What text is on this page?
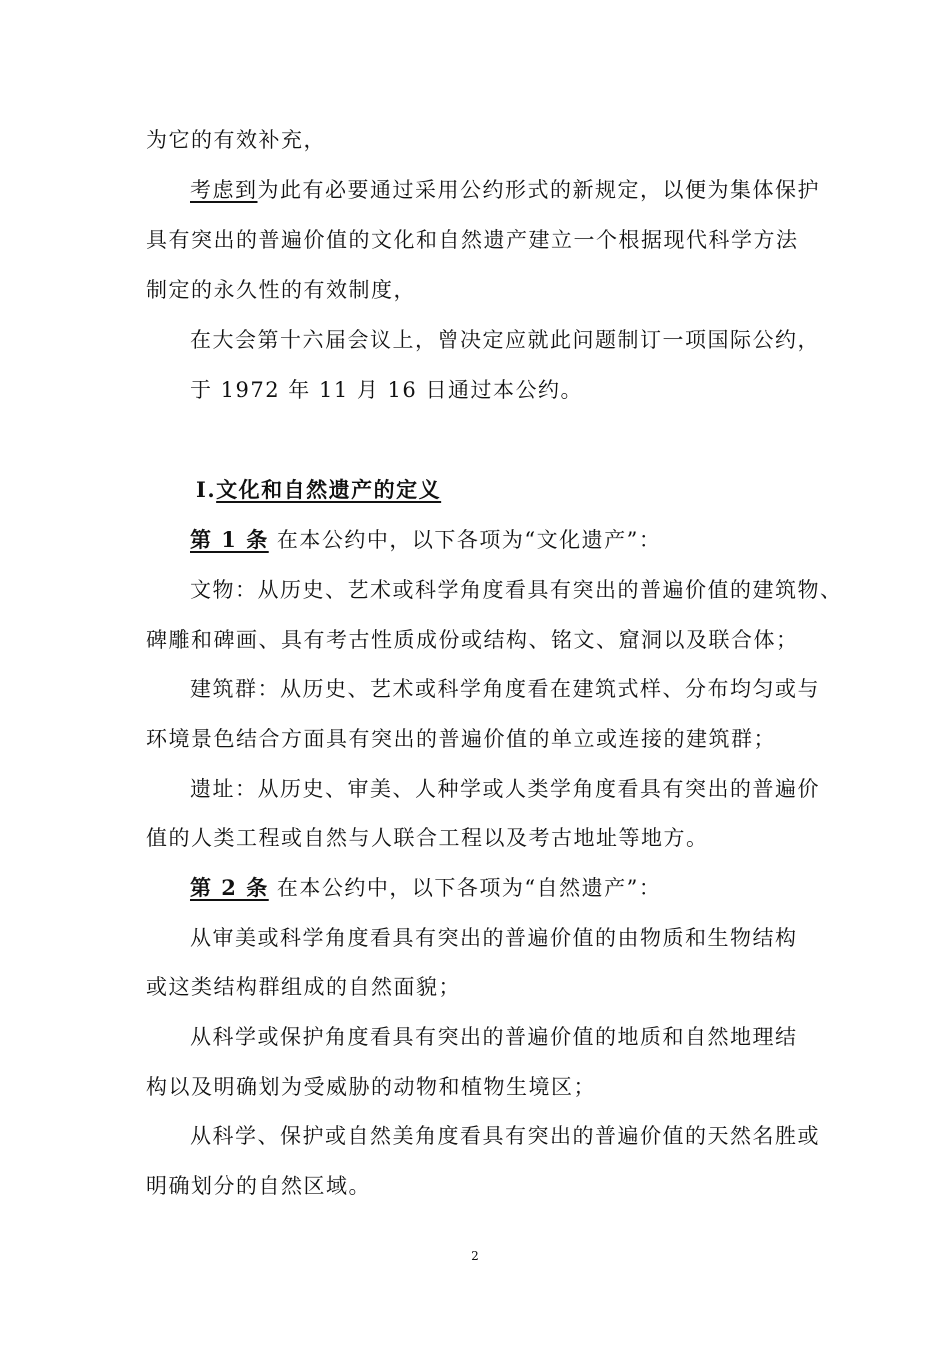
为它的有效补充，
考虑到为此有必要通过采用公约形式的新规定，以便为集体保护
具有突出的普遍价值的文化和自然遗产建立一个根据现代科学方法
制定的永久性的有效制度，
在大会第十六届会议上，曾决定应就此问题制订一项国际公约，
于 1972 年 11 月 16 日通过本公约。
Ⅰ.文化和自然遗产的定义
第 1 条 在本公约中，以下各项为“文化遗产”：
文物：从历史、艺术或科学角度看具有突出的普遍价值的建筑物、
碑雕和碑画、具有考古性质成份或结构、铭文、窟洞以及联合体；
建筑群：从历史、艺术或科学角度看在建筑式样、分布均匀或与
环境景色结合方面具有突出的普遍价值的单立或连接的建筑群；
遗址：从历史、审美、人种学或人类学角度看具有突出的普遍价
值的人类工程或自然与人联合工程以及考古地址等地方。
第 2 条 在本公约中，以下各项为“自然遗产”：
从审美或科学角度看具有突出的普遍价值的由物质和生物结构
或这类结构群组成的自然面貌；
从科学或保护角度看具有突出的普遍价值的地质和自然地理结
构以及明确划为受威胁的动物和植物生境区；
从科学、保护或自然美角度看具有突出的普遍价值的天然名胜或
明确划分的自然区域。
2
